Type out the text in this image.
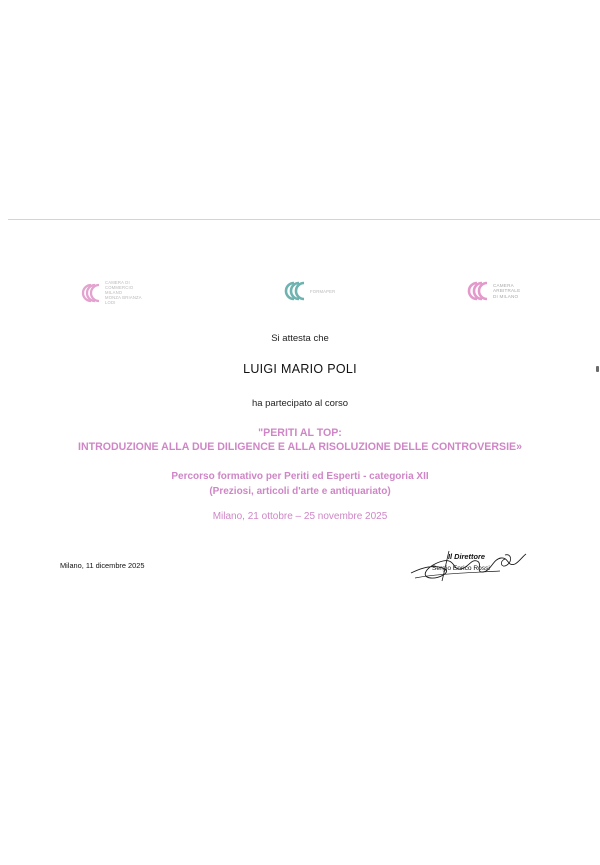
CAMERA DI
COMMERCIO
MILANO
MONZA BRIANZA
LODI
FORMAPER
CAMERA
ARBITRALE
DI MILANO
Si attesta che
LUIGI MARIO POLI
ha partecipato al corso
"PERITI AL TOP:
INTRODUZIONE ALLA DUE DILIGENCE E ALLA RISOLUZIONE DELLE CONTROVERSIE»
Percorso formativo per Periti ed Esperti - categoria XII
(Preziosi, articoli d'arte e antiquariato)
Milano, 21 ottobre – 25 novembre 2025
Milano, 11 dicembre 2025
Il Direttore
Sergio Enrico Rossi
